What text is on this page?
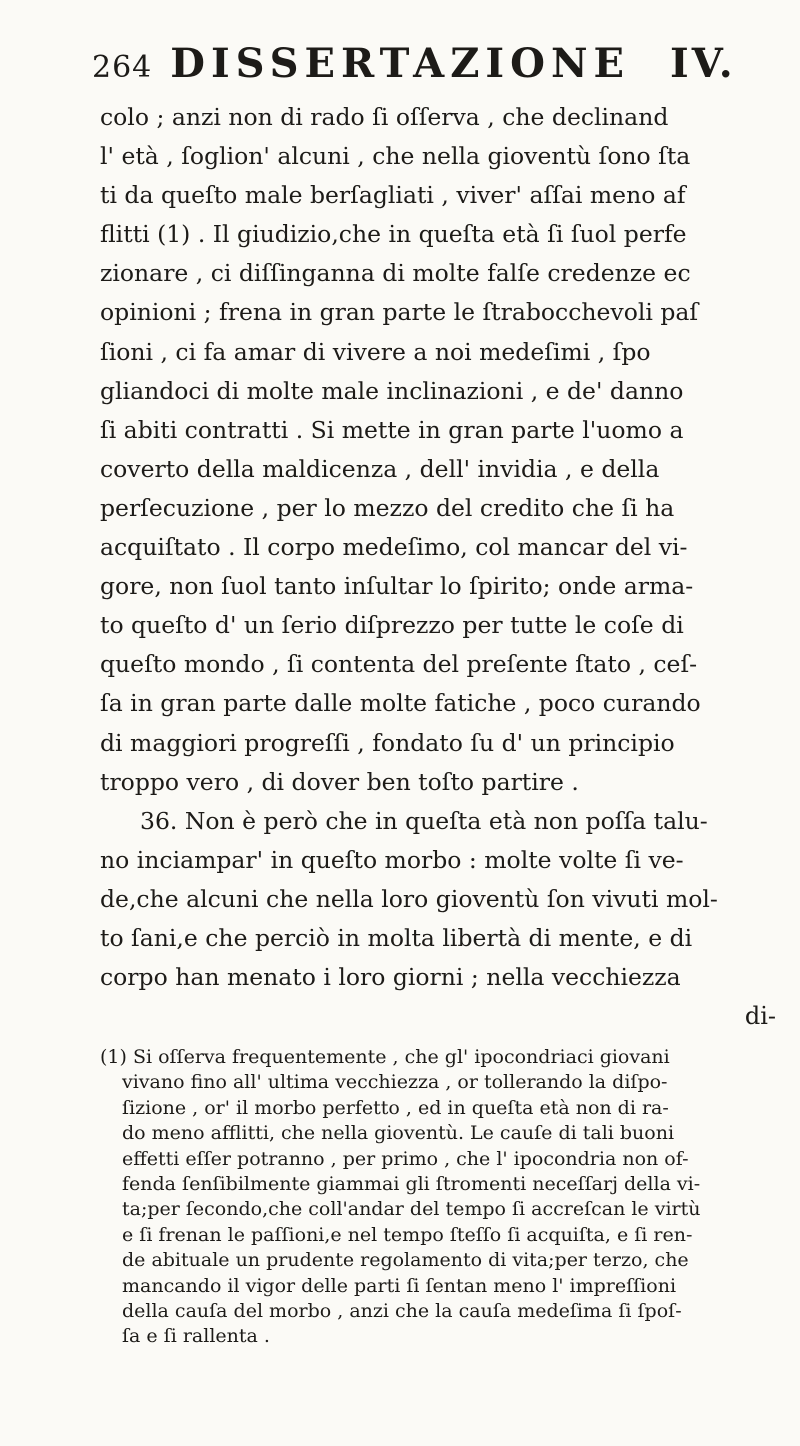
264 DISSERTAZIONE IV.
colo ; anzi non di rado ſi oſſerva , che declinand
l' età , ſoglion' alcuni , che nella gioventù ſono ſta
ti da queſto male berſagliati , viver' aſſai meno af
flitti (1) . Il giudizio,che in queſta età ſi ſuol perfe
zionare , ci diſſinganna di molte falſe credenze ec
opinioni ; frena in gran parte le ſtrabocchevoli paſ
ſioni , ci fa amar di vivere a noi medeſimi , ſpo
gliandoci di molte male inclinazioni , e de' danno
ſi abiti contratti . Si mette in gran parte l'uomo a
coverto della maldicenza , dell' invidia , e della
perſecuzione , per lo mezzo del credito che ſi ha
acquiſtato . Il corpo medeſimo, col mancar del vi-
gore, non ſuol tanto inſultar lo ſpirito; onde arma-
to queſto d' un ſerio diſprezzo per tutte le coſe di
queſto mondo , ſi contenta del preſente ſtato , ceſ-
ſa in gran parte dalle molte fatiche , poco curando
di maggiori progreſſi , fondato ſu d' un principio
troppo vero , di dover ben toſto partire .
36. Non è però che in queſta età non poſſa talu-
no inciampar' in queſto morbo : molte volte ſi ve-
de,che alcuni che nella loro gioventù ſon vivuti mol-
to ſani,e che perciò in molta libertà di mente, e di
corpo han menato i loro giorni ; nella vecchiezza
di-
(1) Si oſſerva frequentemente , che gl' ipocondriaci giovani
vivano fino all' ultima vecchiezza , or tollerando la diſpo-
ſizione , or' il morbo perfetto , ed in queſta età non di ra-
do meno afflitti, che nella gioventù. Le cauſe di tali buoni
effetti eſſer potranno , per primo , che l' ipocondria non of-
fenda ſenſibilmente giammai gli ſtromenti neceſſarj della vi-
ta;per ſecondo,che coll'andar del tempo ſi accreſcan le virtù
e ſi frenan le paſſioni,e nel tempo ſteſſo ſi acquiſta, e ſi ren-
de abituale un prudente regolamento di vita;per terzo, che
mancando il vigor delle parti ſi ſentan meno l' impreſſioni
della cauſa del morbo , anzi che la cauſa medeſima ſi ſpoſ-
ſa e ſi rallenta .
